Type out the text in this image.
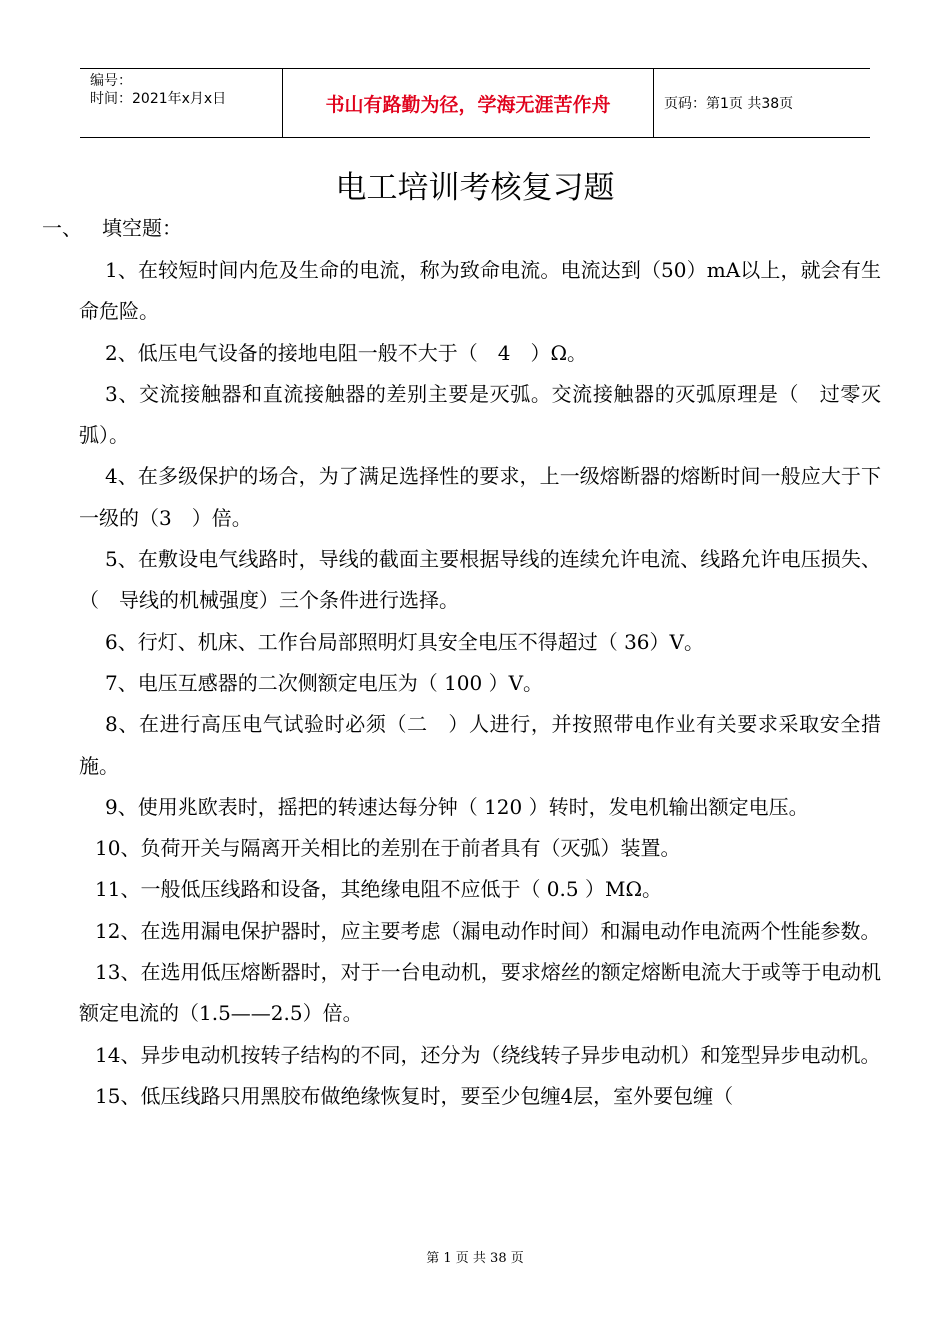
编号：
时间：2021年x月x日	书山有路勤为径，学海无涯苦作舟	页码：第1页 共38页
电工培训考核复习题
一、 填空题：

1、在较短时间内危及生命的电流，称为致命电流。电流达到（50）mA以上，就会有生命危险。

2、低压电气设备的接地电阻一般不大于（　4　）Ω。

3、交流接触器和直流接触器的差别主要是灭弧。交流接触器的灭弧原理是（　过零灭弧）。

4、在多级保护的场合，为了满足选择性的要求，上一级熔断器的熔断时间一般应大于下一级的（3　）倍。

5、在敷设电气线路时，导线的截面主要根据导线的连续允许电流、线路允许电压损失、（　导线的机械强度）三个条件进行选择。

6、行灯、机床、工作台局部照明灯具安全电压不得超过（ 36）V。

7、电压互感器的二次侧额定电压为（ 100 ）V。

8、在进行高压电气试验时必须（二　）人进行，并按照带电作业有关要求采取安全措施。

9、使用兆欧表时，摇把的转速达每分钟（ 120 ）转时，发电机输出额定电压。

10、负荷开关与隔离开关相比的差别在于前者具有（灭弧）装置。

11、一般低压线路和设备，其绝缘电阻不应低于（ 0.5 ）MΩ。

12、在选用漏电保护器时，应主要考虑（漏电动作时间）和漏电动作电流两个性能参数。

13、在选用低压熔断器时，对于一台电动机，要求熔丝的额定熔断电流大于或等于电动机额定电流的（1.5——2.5）倍。

14、异步电动机按转子结构的不同，还分为（绕线转子异步电动机）和笼型异步电动机。

15、低压线路只用黑胶布做绝缘恢复时，要至少包缠4层，室外要包缠（

第 1 页 共 38 页
